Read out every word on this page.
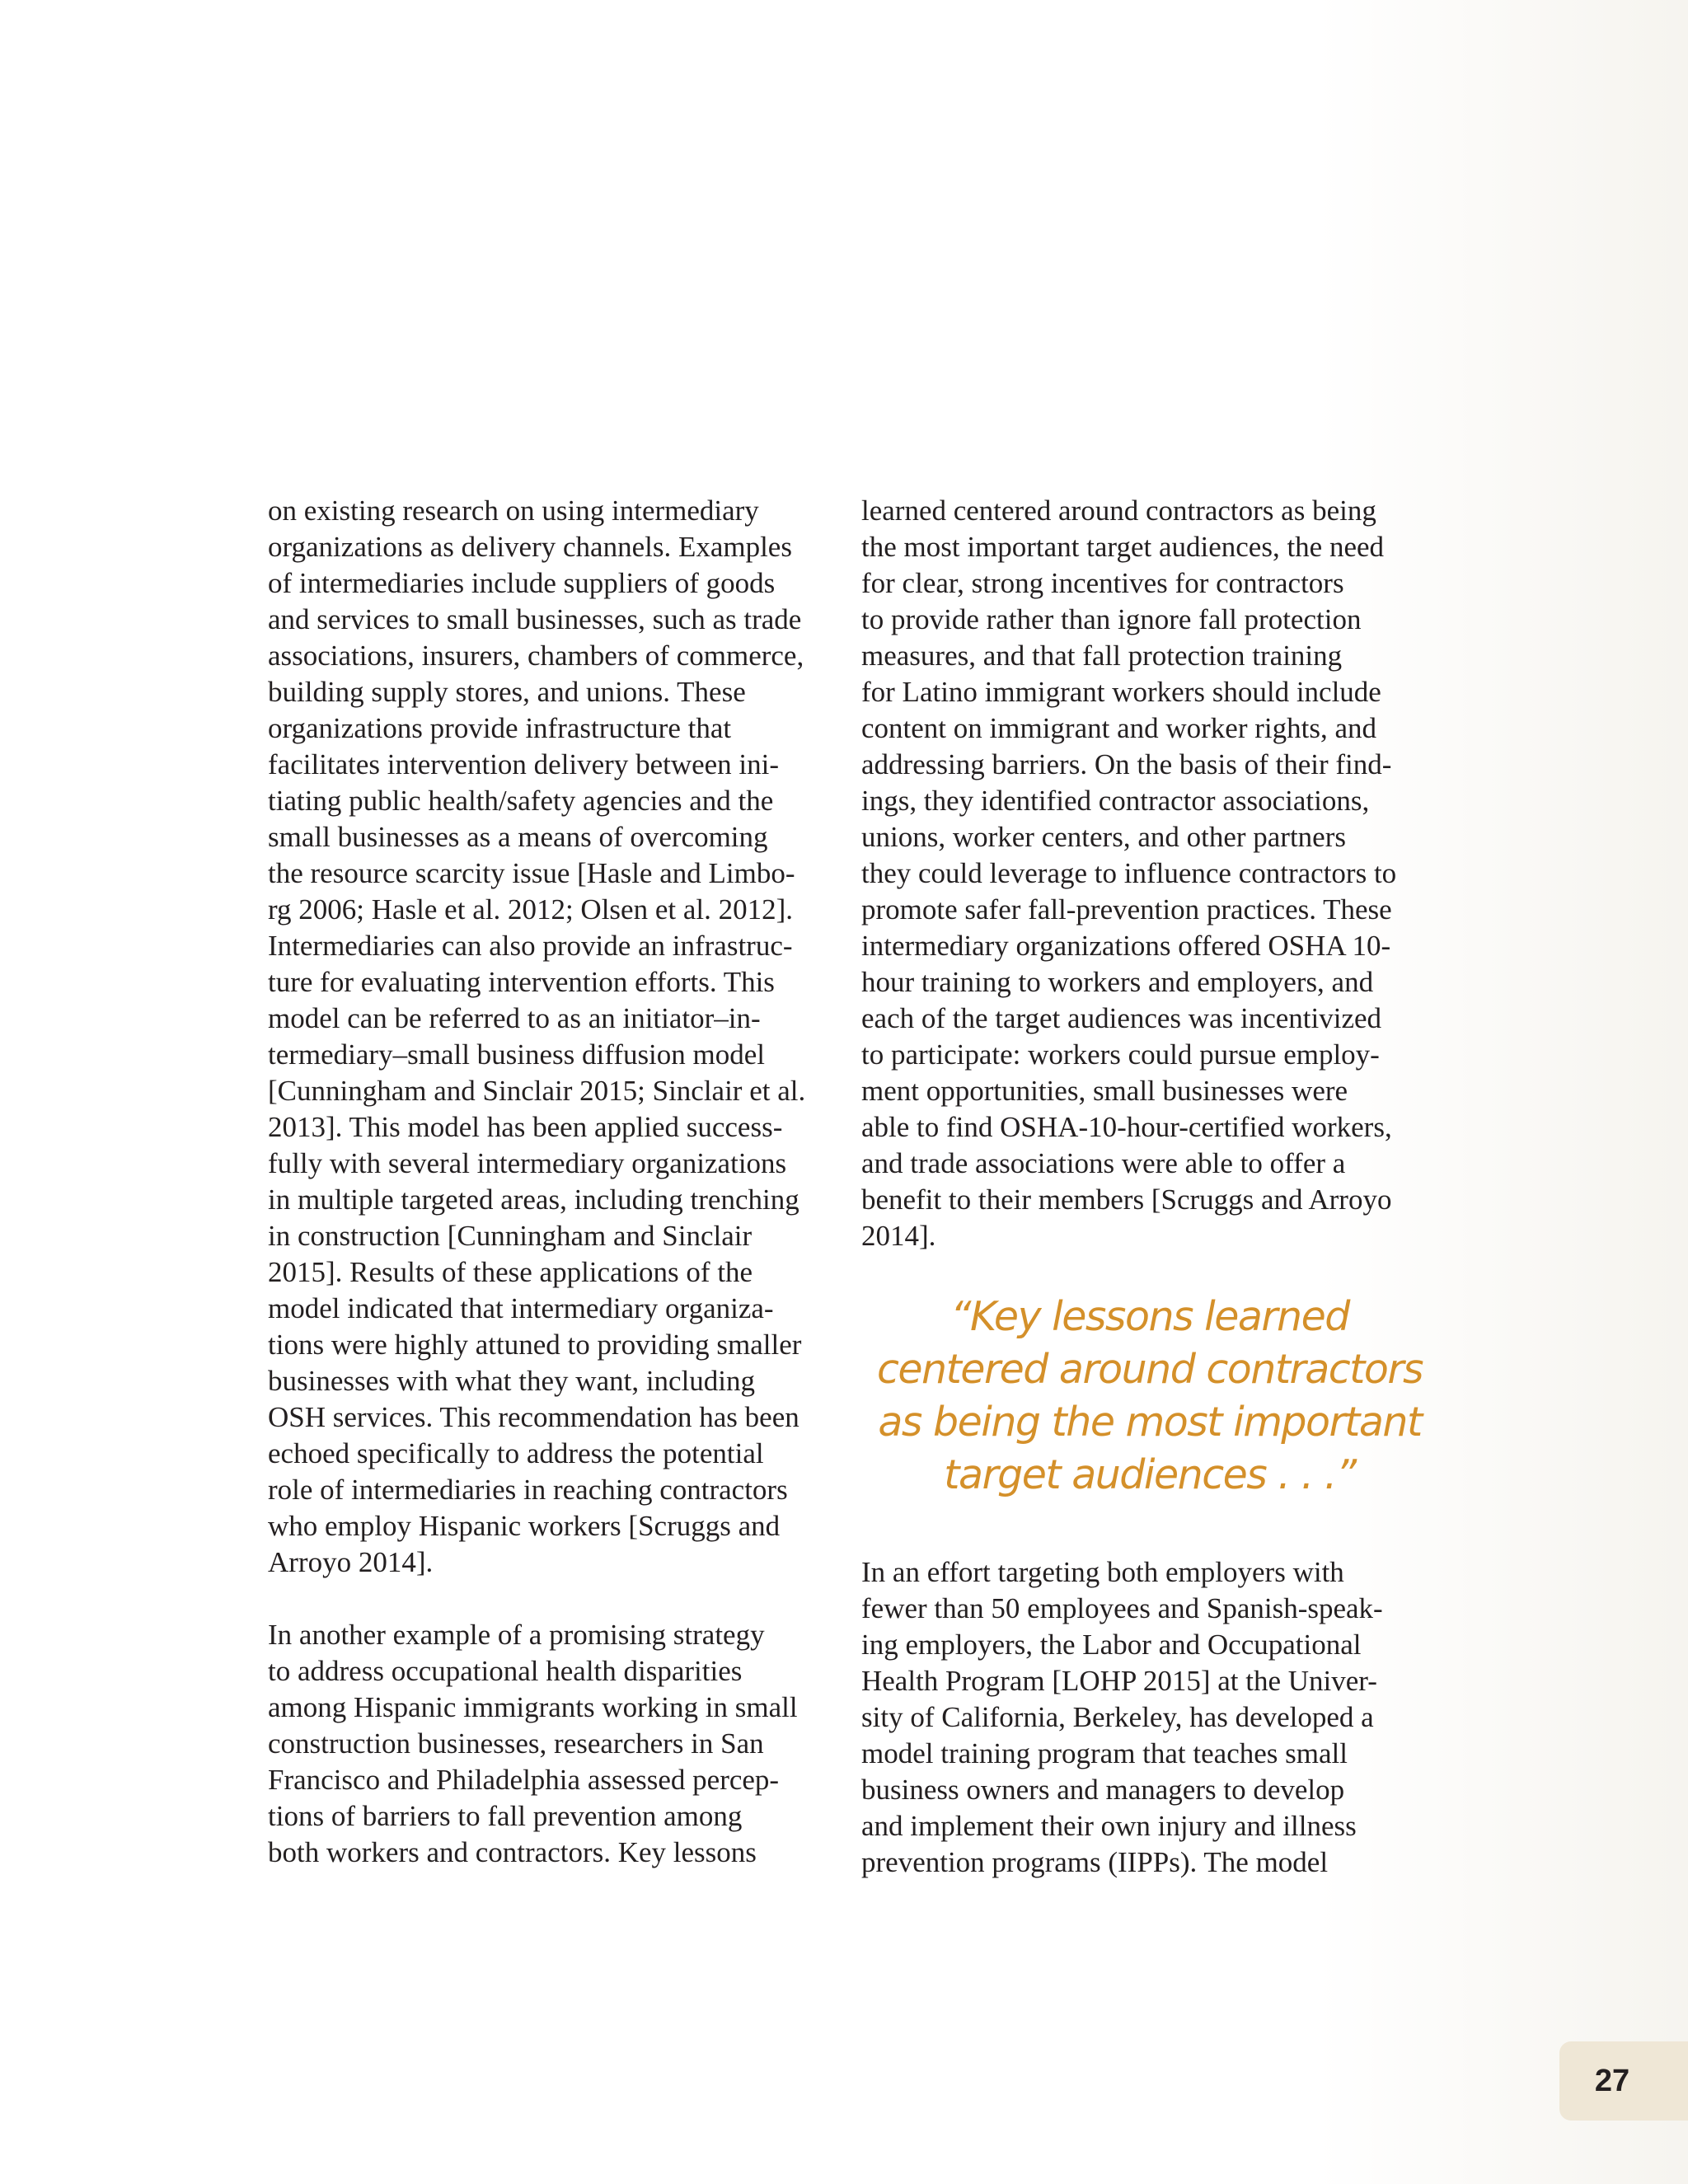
on existing research on using intermediary
organizations as delivery channels. Examples
of intermediaries include suppliers of goods
and services to small businesses, such as trade
associations, insurers, chambers of commerce,
building supply stores, and unions. These
organizations provide infrastructure that
facilitates intervention delivery between ini-
tiating public health/safety agencies and the
small businesses as a means of overcoming
the resource scarcity issue [Hasle and Limbo-
rg 2006; Hasle et al. 2012; Olsen et al. 2012].
Intermediaries can also provide an infrastruc-
ture for evaluating intervention efforts. This
model can be referred to as an initiator–in-
termediary–small business diffusion model
[Cunningham and Sinclair 2015; Sinclair et al.
2013]. This model has been applied success-
fully with several intermediary organizations
in multiple targeted areas, including trenching
in construction [Cunningham and Sinclair
2015]. Results of these applications of the
model indicated that intermediary organiza-
tions were highly attuned to providing smaller
businesses with what they want, including
OSH services. This recommendation has been
echoed specifically to address the potential
role of intermediaries in reaching contractors
who employ Hispanic workers [Scruggs and
Arroyo 2014].

In another example of a promising strategy
to address occupational health disparities
among Hispanic immigrants working in small
construction businesses, researchers in San
Francisco and Philadelphia assessed percep-
tions of barriers to fall prevention among
both workers and contractors. Key lessons

learned centered around contractors as being
the most important target audiences, the need
for clear, strong incentives for contractors
to provide rather than ignore fall protection
measures, and that fall protection training
for Latino immigrant workers should include
content on immigrant and worker rights, and
addressing barriers. On the basis of their find-
ings, they identified contractor associations,
unions, worker centers, and other partners
they could leverage to influence contractors to
promote safer fall-prevention practices. These
intermediary organizations offered OSHA 10-
hour training to workers and employers, and
each of the target audiences was incentivized
to participate: workers could pursue employ-
ment opportunities, small businesses were
able to find OSHA-10-hour-certified workers,
and trade associations were able to offer a
benefit to their members [Scruggs and Arroyo
2014].

“Key lessons learned
centered around contractors
as being the most important
target audiences . . .”

In an effort targeting both employers with
fewer than 50 employees and Spanish-speak-
ing employers, the Labor and Occupational
Health Program [LOHP 2015] at the Univer-
sity of California, Berkeley, has developed a
model training program that teaches small
business owners and managers to develop
and implement their own injury and illness
prevention programs (IIPPs). The model

27
